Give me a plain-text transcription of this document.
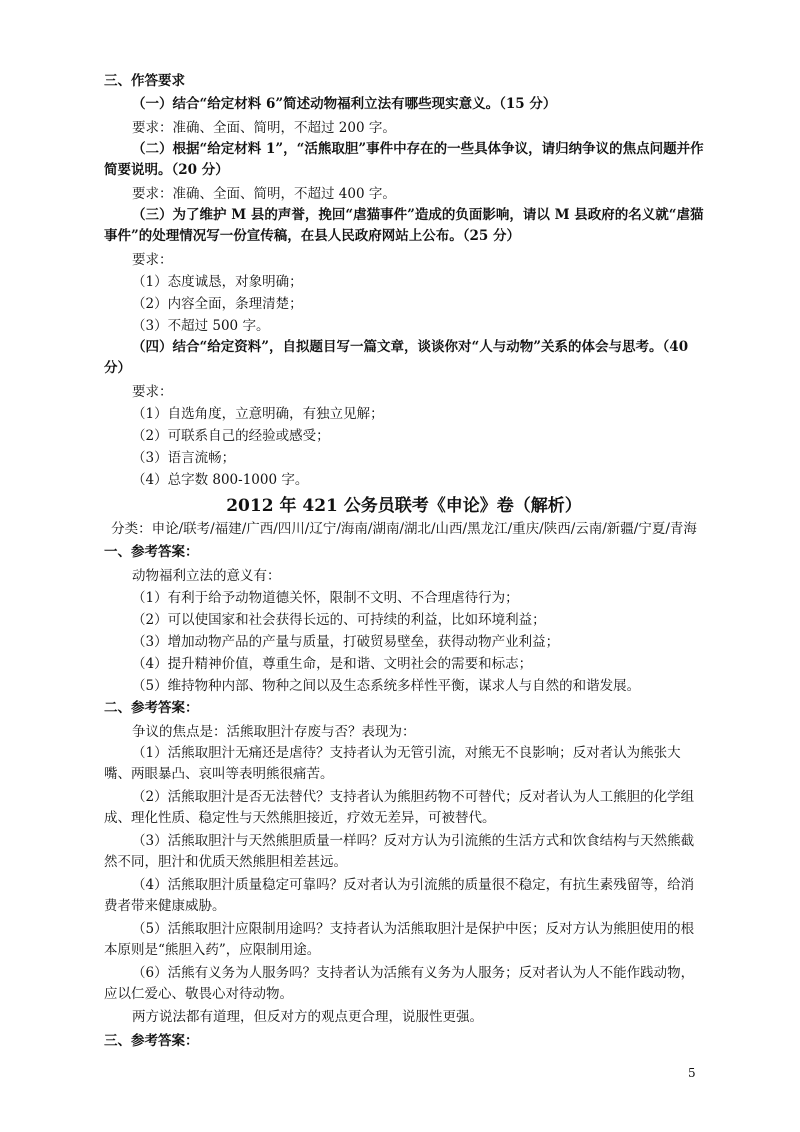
三、作答要求

（一）结合“给定材料 6”简述动物福利立法有哪些现实意义。（15 分）

要求：准确、全面、简明，不超过 200 字。

（二）根据“给定材料 1”，“活熊取胆”事件中存在的一些具体争议，请归纳争议的焦点问题并作简要说明。（20 分）

要求：准确、全面、简明，不超过 400 字。

（三）为了维护 M 县的声誉，挽回“虐猫事件”造成的负面影响，请以 M 县政府的名义就“虐猫事件”的处理情况写一份宣传稿，在县人民政府网站上公布。（25 分）

要求：

（1）态度诚恳，对象明确；

（2）内容全面，条理清楚；

（3）不超过 500 字。

（四）结合“给定资料”，自拟题目写一篇文章，谈谈你对“人与动物”关系的体会与思考。（40 分）

要求：

（1）自选角度，立意明确，有独立见解；

（2）可联系自己的经验或感受；

（3）语言流畅；

（4）总字数 800-1000 字。

2012 年 421 公务员联考《申论》卷（解析）

分类：申论/联考/福建/广西/四川/辽宁/海南/湖南/湖北/山西/黑龙江/重庆/陕西/云南/新疆/宁夏/青海

一、参考答案：

动物福利立法的意义有：

（1）有利于给予动物道德关怀，限制不文明、不合理虐待行为；

（2）可以使国家和社会获得长远的、可持续的利益，比如环境利益；

（3）增加动物产品的产量与质量，打破贸易壁垒，获得动物产业利益；

（4）提升精神价值，尊重生命，是和谐、文明社会的需要和标志；

（5）维持物种内部、物种之间以及生态系统多样性平衡，谋求人与自然的和谐发展。

二、参考答案：

争议的焦点是：活熊取胆汁存废与否？表现为：

（1）活熊取胆汁无痛还是虐待？支持者认为无管引流，对熊无不良影响；反对者认为熊张大嘴、两眼暴凸、哀叫等表明熊很痛苦。

（2）活熊取胆汁是否无法替代？支持者认为熊胆药物不可替代；反对者认为人工熊胆的化学组成、理化性质、稳定性与天然熊胆接近，疗效无差异，可被替代。

（3）活熊取胆汁与天然熊胆质量一样吗？反对方认为引流熊的生活方式和饮食结构与天然熊截然不同，胆汁和优质天然熊胆相差甚远。

（4）活熊取胆汁质量稳定可靠吗？反对者认为引流熊的质量很不稳定，有抗生素残留等，给消费者带来健康威胁。

（5）活熊取胆汁应限制用途吗？支持者认为活熊取胆汁是保护中医；反对方认为熊胆使用的根本原则是“熊胆入药”，应限制用途。

（6）活熊有义务为人服务吗？支持者认为活熊有义务为人服务；反对者认为人不能作践动物，应以仁爱心、敬畏心对待动物。

两方说法都有道理，但反对方的观点更合理，说服性更强。

三、参考答案：

5
